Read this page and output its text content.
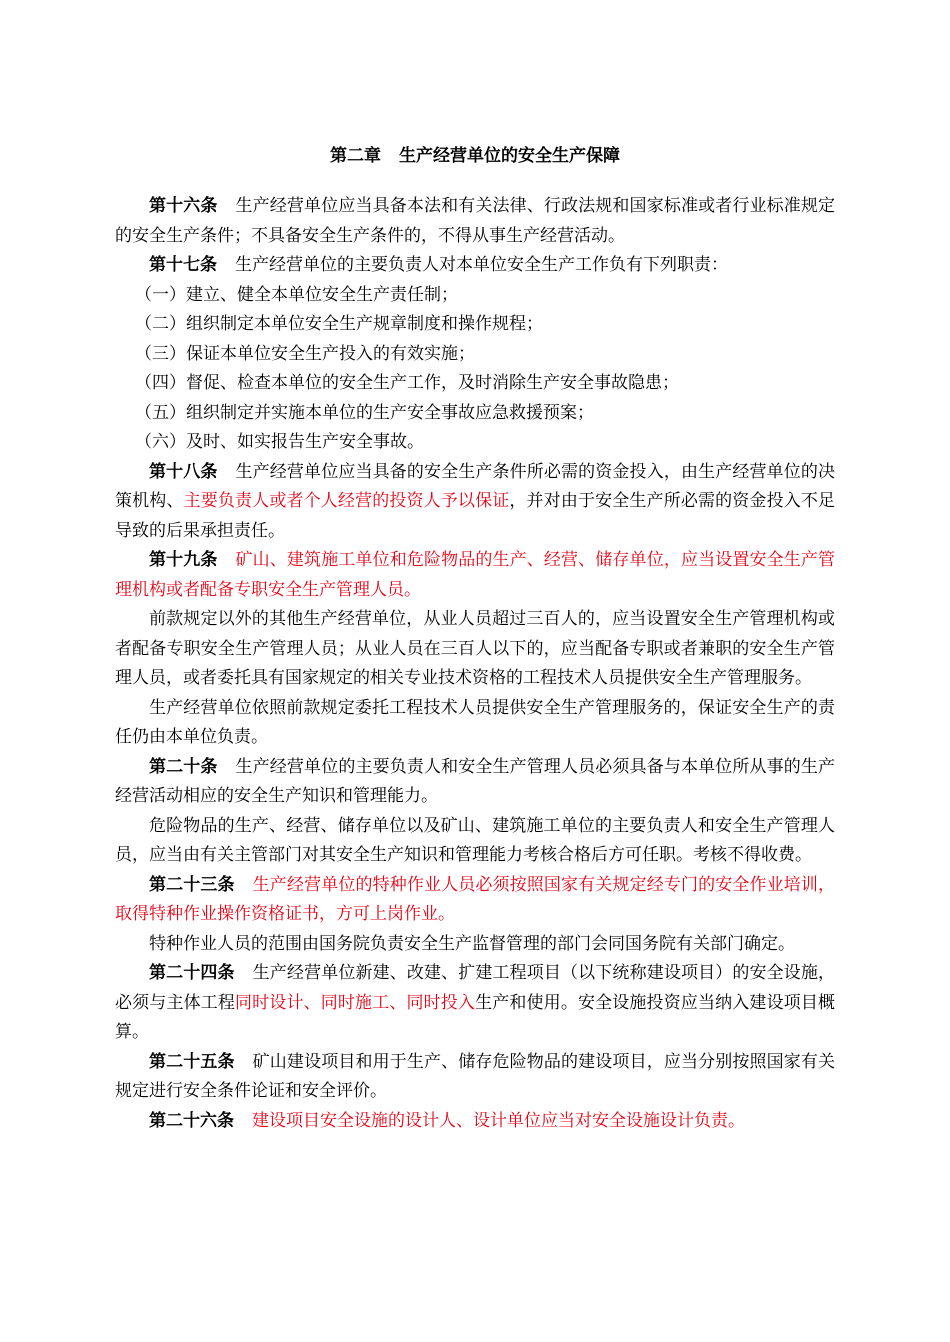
第二章 生产经营单位的安全生产保障

第十六条 生产经营单位应当具备本法和有关法律、行政法规和国家标准或者行业标准规定的安全生产条件；不具备安全生产条件的，不得从事生产经营活动。

第十七条 生产经营单位的主要负责人对本单位安全生产工作负有下列职责：

（一）建立、健全本单位安全生产责任制；

（二）组织制定本单位安全生产规章制度和操作规程；

（三）保证本单位安全生产投入的有效实施；

（四）督促、检查本单位的安全生产工作，及时消除生产安全事故隐患；

（五）组织制定并实施本单位的生产安全事故应急救援预案；

（六）及时、如实报告生产安全事故。

第十八条 生产经营单位应当具备的安全生产条件所必需的资金投入，由生产经营单位的决策机构、主要负责人或者个人经营的投资人予以保证，并对由于安全生产所必需的资金投入不足导致的后果承担责任。

第十九条 矿山、建筑施工单位和危险物品的生产、经营、储存单位，应当设置安全生产管理机构或者配备专职安全生产管理人员。

前款规定以外的其他生产经营单位，从业人员超过三百人的，应当设置安全生产管理机构或者配备专职安全生产管理人员；从业人员在三百人以下的，应当配备专职或者兼职的安全生产管理人员，或者委托具有国家规定的相关专业技术资格的工程技术人员提供安全生产管理服务。

生产经营单位依照前款规定委托工程技术人员提供安全生产管理服务的，保证安全生产的责任仍由本单位负责。

第二十条 生产经营单位的主要负责人和安全生产管理人员必须具备与本单位所从事的生产经营活动相应的安全生产知识和管理能力。

危险物品的生产、经营、储存单位以及矿山、建筑施工单位的主要负责人和安全生产管理人员，应当由有关主管部门对其安全生产知识和管理能力考核合格后方可任职。考核不得收费。

第二十三条 生产经营单位的特种作业人员必须按照国家有关规定经专门的安全作业培训，取得特种作业操作资格证书，方可上岗作业。

特种作业人员的范围由国务院负责安全生产监督管理的部门会同国务院有关部门确定。

第二十四条 生产经营单位新建、改建、扩建工程项目（以下统称建设项目）的安全设施，必须与主体工程同时设计、同时施工、同时投入生产和使用。安全设施投资应当纳入建设项目概算。

第二十五条 矿山建设项目和用于生产、储存危险物品的建设项目，应当分别按照国家有关规定进行安全条件论证和安全评价。

第二十六条 建设项目安全设施的设计人、设计单位应当对安全设施设计负责。
